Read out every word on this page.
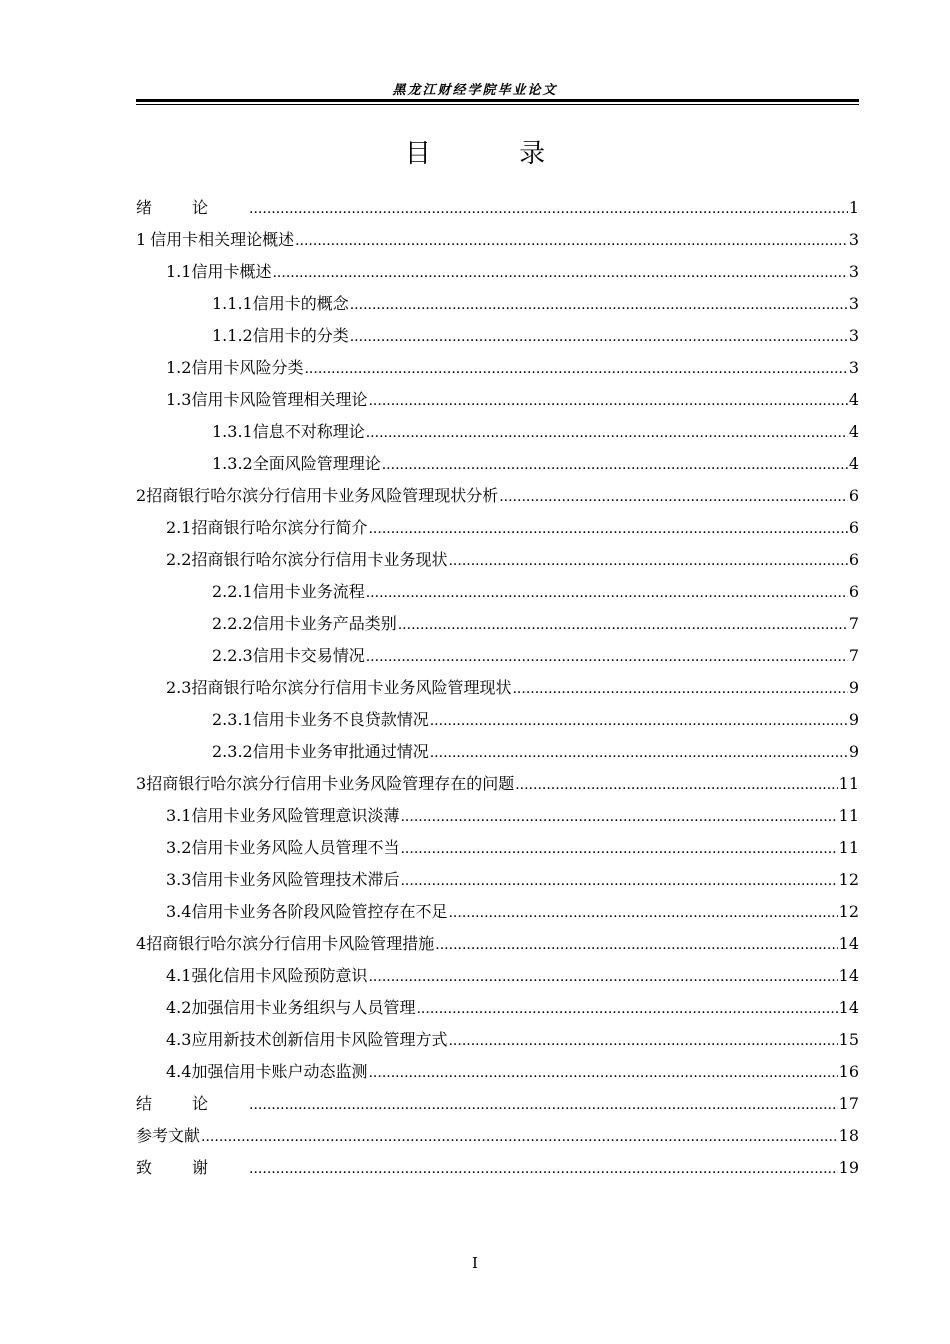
黑龙江财经学院毕业论文
目 录
绪论 .....	1
1 信用卡相关理论概述 .....	3
1.1 信用卡概述 .....	3
1.1.1 信用卡的概念 .....	3
1.1.2 信用卡的分类 .....	3
1.2 信用卡风险分类 .....	3
1.3 信用卡风险管理相关理论 .....	4
1.3.1 信息不对称理论 .....	4
1.3.2 全面风险管理理论 .....	4
2 招商银行哈尔滨分行信用卡业务风险管理现状分析 .....	6
2.1 招商银行哈尔滨分行简介 .....	6
2.2 招商银行哈尔滨分行信用卡业务现状 .....	6
2.2.1 信用卡业务流程 .....	6
2.2.2 信用卡业务产品类别 .....	7
2.2.3 信用卡交易情况 .....	7
2.3 招商银行哈尔滨分行信用卡业务风险管理现状 .....	9
2.3.1 信用卡业务不良贷款情况 .....	9
2.3.2 信用卡业务审批通过情况 .....	9
3 招商银行哈尔滨分行信用卡业务风险管理存在的问题 .....	11
3.1 信用卡业务风险管理意识淡薄 .....	11
3.2 信用卡业务风险人员管理不当 .....	11
3.3 信用卡业务风险管理技术滞后 .....	12
3.4 信用卡业务各阶段风险管控存在不足 .....	12
4 招商银行哈尔滨分行信用卡风险管理措施 .....	14
4.1 强化信用卡风险预防意识 .....	14
4.2 加强信用卡业务组织与人员管理 .....	14
4.3 应用新技术创新信用卡风险管理方式 .....	15
4.4 加强信用卡账户动态监测 .....	16
结论 .....	17
参考文献 .....	18
致谢 .....	19
I
